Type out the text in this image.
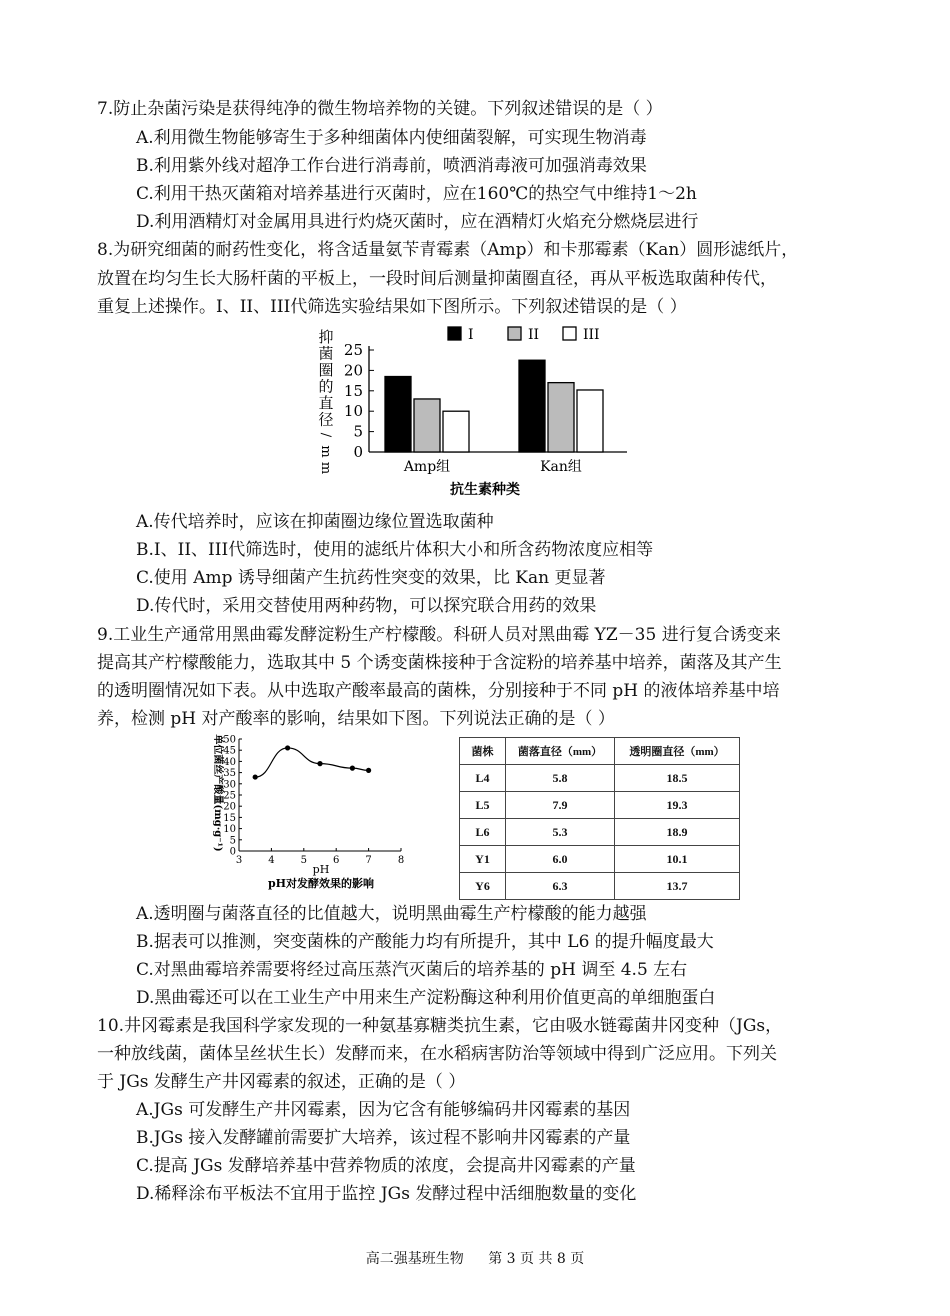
7.防止杂菌污染是获得纯净的微生物培养物的关键。下列叙述错误的是（ ）
A.利用微生物能够寄生于多种细菌体内使细菌裂解，可实现生物消毒
B.利用紫外线对超净工作台进行消毒前，喷洒消毒液可加强消毒效果
C.利用干热灭菌箱对培养基进行灭菌时，应在160℃的热空气中维持1～2h
D.利用酒精灯对金属用具进行灼烧灭菌时，应在酒精灯火焰充分燃烧层进行
8.为研究细菌的耐药性变化，将含适量氨苄青霉素（Amp）和卡那霉素（Kan）圆形滤纸片，
放置在均匀生长大肠杆菌的平板上，一段时间后测量抑菌圈直径，再从平板选取菌种传代，
重复上述操作。I、II、III代筛选实验结果如下图所示。下列叙述错误的是（ ）
抑
菌
圈
的
直
径
/
m
m
0
5
10
15
20
25
Amp组	Kan组
I	II	III
抗生素种类
A.传代培养时，应该在抑菌圈边缘位置选取菌种
B.I、II、III代筛选时，使用的滤纸片体积大小和所含药物浓度应相等
C.使用 Amp 诱导细菌产生抗药性突变的效果，比 Kan 更显著
D.传代时，采用交替使用两种药物，可以探究联合用药的效果
9.工业生产通常用黑曲霉发酵淀粉生产柠檬酸。科研人员对黑曲霉 YZ－35 进行复合诱变来
提高其产柠檬酸能力，选取其中 5 个诱变菌株接种于含淀粉的培养基中培养，菌落及其产生
的透明圈情况如下表。从中选取产酸率最高的菌株，分别接种于不同 pH 的液体培养基中培
养，检测 pH 对产酸率的影响，结果如下图。下列说法正确的是（ ）
0
5
10
15
20
25
30
35
40
45
50
3	4	5	6	7	8
单位菌丝产酸量(mg·g⁻¹)
pH
pH对发酵效果的影响
菌株	菌落直径（mm）	透明圈直径（mm）
L4	5.8	18.5
L5	7.9	19.3
L6	5.3	18.9
Y1	6.0	10.1
Y6	6.3	13.7
A.透明圈与菌落直径的比值越大，说明黑曲霉生产柠檬酸的能力越强
B.据表可以推测，突变菌株的产酸能力均有所提升，其中 L6 的提升幅度最大
C.对黑曲霉培养需要将经过高压蒸汽灭菌后的培养基的 pH 调至 4.5 左右
D.黑曲霉还可以在工业生产中用来生产淀粉酶这种利用价值更高的单细胞蛋白
10.井冈霉素是我国科学家发现的一种氨基寡糖类抗生素，它由吸水链霉菌井冈变种（JGs，
一种放线菌，菌体呈丝状生长）发酵而来，在水稻病害防治等领域中得到广泛应用。下列关
于 JGs 发酵生产井冈霉素的叙述，正确的是（ ）
A.JGs 可发酵生产井冈霉素，因为它含有能够编码井冈霉素的基因
B.JGs 接入发酵罐前需要扩大培养，该过程不影响井冈霉素的产量
C.提高 JGs 发酵培养基中营养物质的浓度，会提高井冈霉素的产量
D.稀释涂布平板法不宜用于监控 JGs 发酵过程中活细胞数量的变化
高二强基班生物 第 3 页 共 8 页
